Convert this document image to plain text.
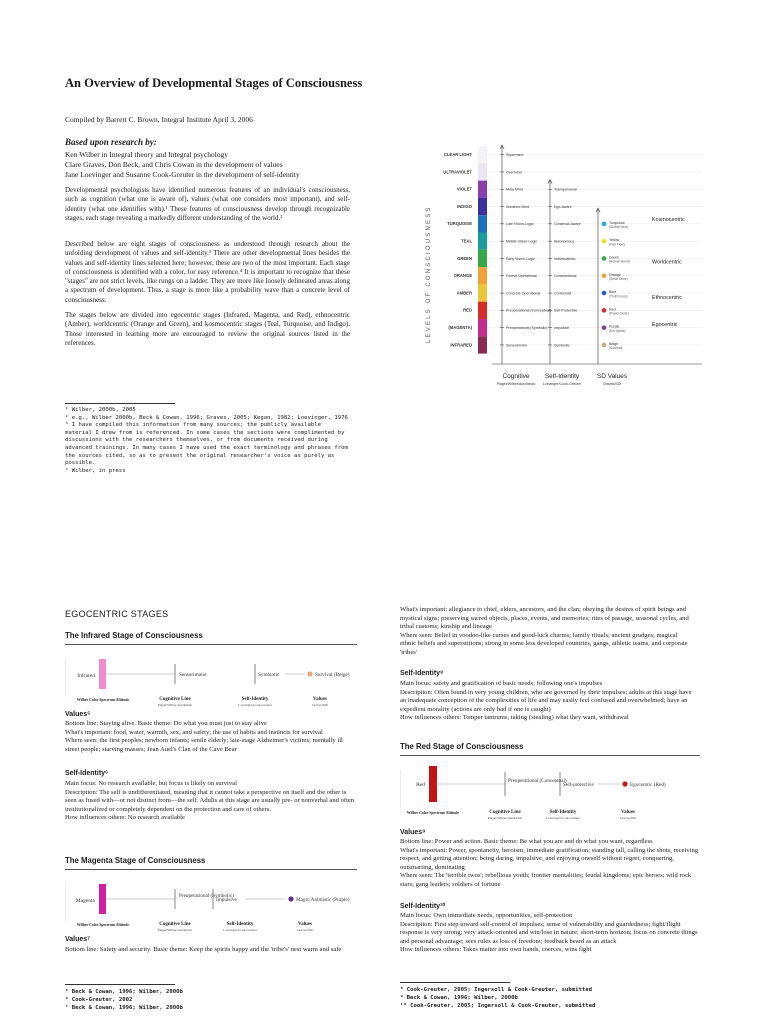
An Overview of Developmental Stages of Consciousness
Compiled by Barrett C. Brown, Integral Institute April 3, 2006
Based upon research by:
Ken Wilber in Integral theory and Integral psychology
Clare Graves, Don Beck, and Chris Cowan in the development of values
Jane Loevinger and Susanne Cook-Greuter in the development of self-identity
Developmental psychologists have identified numerous features of an individual's consciousness, such as cognition (what one is aware of), values (what one considers most important), and self-identity (what one identifies with).¹ These features of consciousness develop through recognizable stages, each stage revealing a markedly different understanding of the world.²
Described below are eight stages of consciousness as understood through research about the unfolding development of values and self-identity.³ There are other developmental lines besides the values and self-identity lines selected here; however, these are two of the most important. Each stage of consciousness is identified with a color, for easy reference.⁴ It is important to recognize that these "stages" are not strict levels, like rungs on a ladder. They are more like loosely delineated areas along a spectrum of development. Thus, a stage is more like a probability wave than a concrete level of consciousness.
The stages below are divided into egocentric stages (Infrared, Magenta, and Red), ethnocentric (Amber), worldcentric (Orange and Green), and kosmocentric stages (Teal, Turquoise, and Indigo). Those interested in learning more are encouraged to review the original sources listed in the references.
¹ Wilber, 2000b, 2005
² e.g., Wilber 2000b, Beck & Cowan, 1996; Graves, 2005; Kegan, 1982; Loevinger, 1976
³ I have compiled this information from many sources; the publicly available material I drew from is referenced. In some cases the sections were complimented by discussions with the researchers themselves, or from documents received during advanced trainings. In many cases I have used the exact terminology and phrases from the sources cited, so as to present the original researcher's voice as purely as possible.
⁴ Wilber, in press
LEVELS OF CONSCIOUSNESS
CLEAR LIGHT
ULTRAVIOLET
VIOLET
INDIGO
TURQUOISE
TEAL
GREEN
ORANGE
AMBER
RED
(MAGENTA)
INFRARED
Supermind
Overmind
Meta Mind
Illumined Mind
Late Vision-Logic
Middle Vision-Logic
Early Vision-Logic
Formal Operational
Concrete Operational
Preoperational (Conceptual)
Preoperational (Symbolic)
Sensorimotor
Transpersonal
Ego-Aware
Construct-Aware
Autonomous
Individualistic
Conscientious
Conformist
Self-Protective
Impulsive
Symbiotic
Turquoise
(Global View)
Yellow
(Flex Flow)
Green
(Human Bond)
Orange
(Strive Drive)
Blue
(Truth Force)
Red
(Power Gods)
Purple
(Kin Spirits)
Beige
(Survival)
Kosmocentric
Worldcentric
Ethnocentric
Egocentric
Cognitive Self-Identity	SD Values
Piaget/Wilber/Aurobindo Loevinger/Cook-Greuter	Graves/SDi
EGOCENTRIC STAGES
The Infrared Stage of Consciousness
Infrared	Sensorimotor	Symbiotic	Survival (Beige)
Wilber Color Spectrum Altitude	Cognitive Line
Piaget/Wilber/Aurobindo
Self-Identity
Loevinger/Cook-Greuter
Values
Graves/SDi
Values⁵
Bottom line: Staying alive. Basic theme: Do what you must just to stay alive
What's important: food, water, warmth, sex, and safety; the use of habits and instincts for survival
Where seen: the first peoples; newborn infants; senile elderly; late-stage Alzheimer's victims; mentally ill street people; starving masses; Jean Auel's Clan of the Cave Bear
Self-Identity⁶
Main focus: No research available, but focus is likely on survival
Description: The self is undifferentiated, meaning that it cannot take a perspective on itself and the other is seen as fused with—or not distinct from—the self. Adults at this stage are usually pre- or nonverbal and often institutionalized or completely dependent on the protection and care of others.
How influences others: No research available
The Magenta Stage of Consciousness
Magenta
Preoperational (Symbolic)
Impulsive	Magic/Animistic (Purple)
Wilber Color Spectrum Altitude	Cognitive Line
Piaget/Wilber/Aurobindo
Self-Identity
Loevinger/Cook-Greuter
Values
Graves/SDi
Values⁷
Bottom line: Safety and security. Basic theme: Keep the spirits happy and the 'tribe's' nest warm and safe
⁵ Beck & Cowan, 1996; Wilber, 2000b
⁶ Cook-Greuter, 2002
⁷ Beck & Cowan, 1996; Wilber, 2000b
What's important: allegiance to chief, elders, ancestors, and the clan; obeying the desires of spirit beings and mystical signs; preserving sacred objects, places, events, and memories; rites of passage, seasonal cycles, and tribal customs; kinship and lineage
Where seen: Belief in voodoo-like curses and good-luck charms; family rituals; ancient grudges; magical ethnic beliefs and superstitions; strong in some less developed countries, gangs, athletic teams, and corporate 'tribes'
Self-Identity⁸
Main focus: safety and gratification of basic needs; following one's impulses
Description: Often found in very young children, who are governed by their impulses; adults at this stage have an inadequate conception of the complexities of life and may easily feel confused and overwhelmed; have an expedient morality (actions are only bad if one is caught)
How influences others: Temper tantrums, taking (stealing) what they want, withdrawal
The Red Stage of Consciousness
Red
Preoperational (Conceptual)
Self-protective	Egocentric (Red)
Wilber Color Spectrum Altitude	Cognitive Line
Piaget/Wilber/Aurobindo
Self-Identity
Loevinger/Cook-Greuter
Values
Graves/SDi
Values⁹
Bottom line: Power and action. Basic theme: Be what you are and do what you want, regardless
What's important: Power, spontaneity, heroism, immediate gratification; standing tall, calling the shots, receiving respect, and getting attention; being daring, impulsive, and enjoying oneself without regret; conquering, outsmarting, dominating
Where seen: The 'terrible twos'; rebellious youth; frontier mentalities; feudal kingdoms; epic heroes; wild rock stars; gang leaders; soldiers of fortune
Self-Identity¹⁰
Main focus: Own immediate needs, opportunities, self-protection
Description: First step toward self-control of impulses; sense of vulnerability and guardedness; fight/flight response is very strong; very attack-oriented and win/lose in nature; short-term horizon; focus on concrete things and personal advantage; sees rules as loss of freedom; feedback heard as an attack
How influences others: Takes matter into own hands, coerces, wins fight
⁸ Cook-Greuter, 2005; Ingersoll & Cook-Greuter, submitted
⁹ Beck & Cowan, 1996; Wilber, 2000b
¹⁰ Cook-Greuter, 2005; Ingersoll & Cook-Greuter, submitted
